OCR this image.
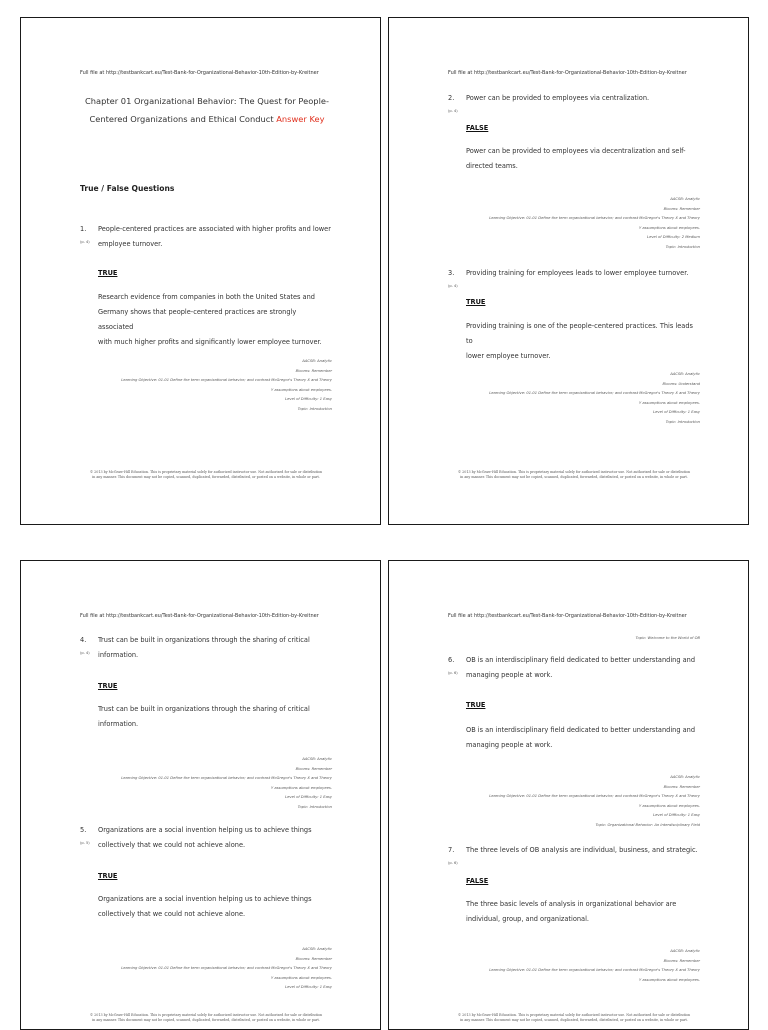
Full file at http://testbankcart.eu/Test-Bank-for-Organizational-Behavior-10th-Edition-by-Kreitner
Chapter 01 Organizational Behavior: The Quest for People-
Centered Organizations and Ethical Conduct Answer Key
True / False Questions
1. People-centered practices are associated with higher profits and lower
employee turnover.
(p. 4)
TRUE
Research evidence from companies in both the United States and
Germany shows that people-centered practices are strongly associated
with much higher profits and significantly lower employee turnover.
AACSB: Analytic
Blooms: Remember
Learning Objective: 01-01 Define the term organizational behavior; and contrast McGregor's Theory X and Theory
Y assumptions about employees.
Level of Difficulty: 1 Easy
Topic: Introduction
© 2013 by McGraw-Hill Education. This is proprietary material solely for authorized instructor use. Not authorized for sale or distribution
in any manner. This document may not be copied, scanned, duplicated, forwarded, distributed, or posted on a website, in whole or part.
Full file at http://testbankcart.eu/Test-Bank-for-Organizational-Behavior-10th-Edition-by-Kreitner
2. Power can be provided to employees via centralization.
(p. 4)
FALSE
Power can be provided to employees via decentralization and self-
directed teams.
AACSB: Analytic
Blooms: Remember
Learning Objective: 01-01 Define the term organizational behavior; and contrast McGregor's Theory X and Theory
Y assumptions about employees.
Level of Difficulty: 2 Medium
Topic: Introduction
3. Providing training for employees leads to lower employee turnover.
(p. 4)
TRUE
Providing training is one of the people-centered practices. This leads to
lower employee turnover.
AACSB: Analytic
Blooms: Understand
Learning Objective: 01-01 Define the term organizational behavior; and contrast McGregor's Theory X and Theory
Y assumptions about employees.
Level of Difficulty: 1 Easy
Topic: Introduction
© 2013 by McGraw-Hill Education. This is proprietary material solely for authorized instructor use. Not authorized for sale or distribution
in any manner. This document may not be copied, scanned, duplicated, forwarded, distributed, or posted on a website, in whole or part.
Full file at http://testbankcart.eu/Test-Bank-for-Organizational-Behavior-10th-Edition-by-Kreitner
4. Trust can be built in organizations through the sharing of critical
information.
(p. 4)
TRUE
Trust can be built in organizations through the sharing of critical
information.
AACSB: Analytic
Blooms: Remember
Learning Objective: 01-01 Define the term organizational behavior; and contrast McGregor's Theory X and Theory
Y assumptions about employees.
Level of Difficulty: 1 Easy
Topic: Introduction
5. Organizations are a social invention helping us to achieve things
collectively that we could not achieve alone.
(p. 5)
TRUE
Organizations are a social invention helping us to achieve things
collectively that we could not achieve alone.
AACSB: Analytic
Blooms: Remember
Learning Objective: 01-01 Define the term organizational behavior; and contrast McGregor's Theory X and Theory
Y assumptions about employees.
Level of Difficulty: 1 Easy
© 2013 by McGraw-Hill Education. This is proprietary material solely for authorized instructor use. Not authorized for sale or distribution
in any manner. This document may not be copied, scanned, duplicated, forwarded, distributed, or posted on a website, in whole or part.
Full file at http://testbankcart.eu/Test-Bank-for-Organizational-Behavior-10th-Edition-by-Kreitner
Topic: Welcome to the World of OB
6. OB is an interdisciplinary field dedicated to better understanding and
managing people at work.
(p. 6)
TRUE
OB is an interdisciplinary field dedicated to better understanding and
managing people at work.
AACSB: Analytic
Blooms: Remember
Learning Objective: 01-01 Define the term organizational behavior; and contrast McGregor's Theory X and Theory
Y assumptions about employees.
Level of Difficulty: 1 Easy
Topic: Organizational Behavior: An Interdisciplinary Field
7. The three levels of OB analysis are individual, business, and strategic.
(p. 6)
FALSE
The three basic levels of analysis in organizational behavior are
individual, group, and organizational.
AACSB: Analytic
Blooms: Remember
Learning Objective: 01-01 Define the term organizational behavior; and contrast McGregor's Theory X and Theory
Y assumptions about employees.
© 2013 by McGraw-Hill Education. This is proprietary material solely for authorized instructor use. Not authorized for sale or distribution
in any manner. This document may not be copied, scanned, duplicated, forwarded, distributed, or posted on a website, in whole or part.
